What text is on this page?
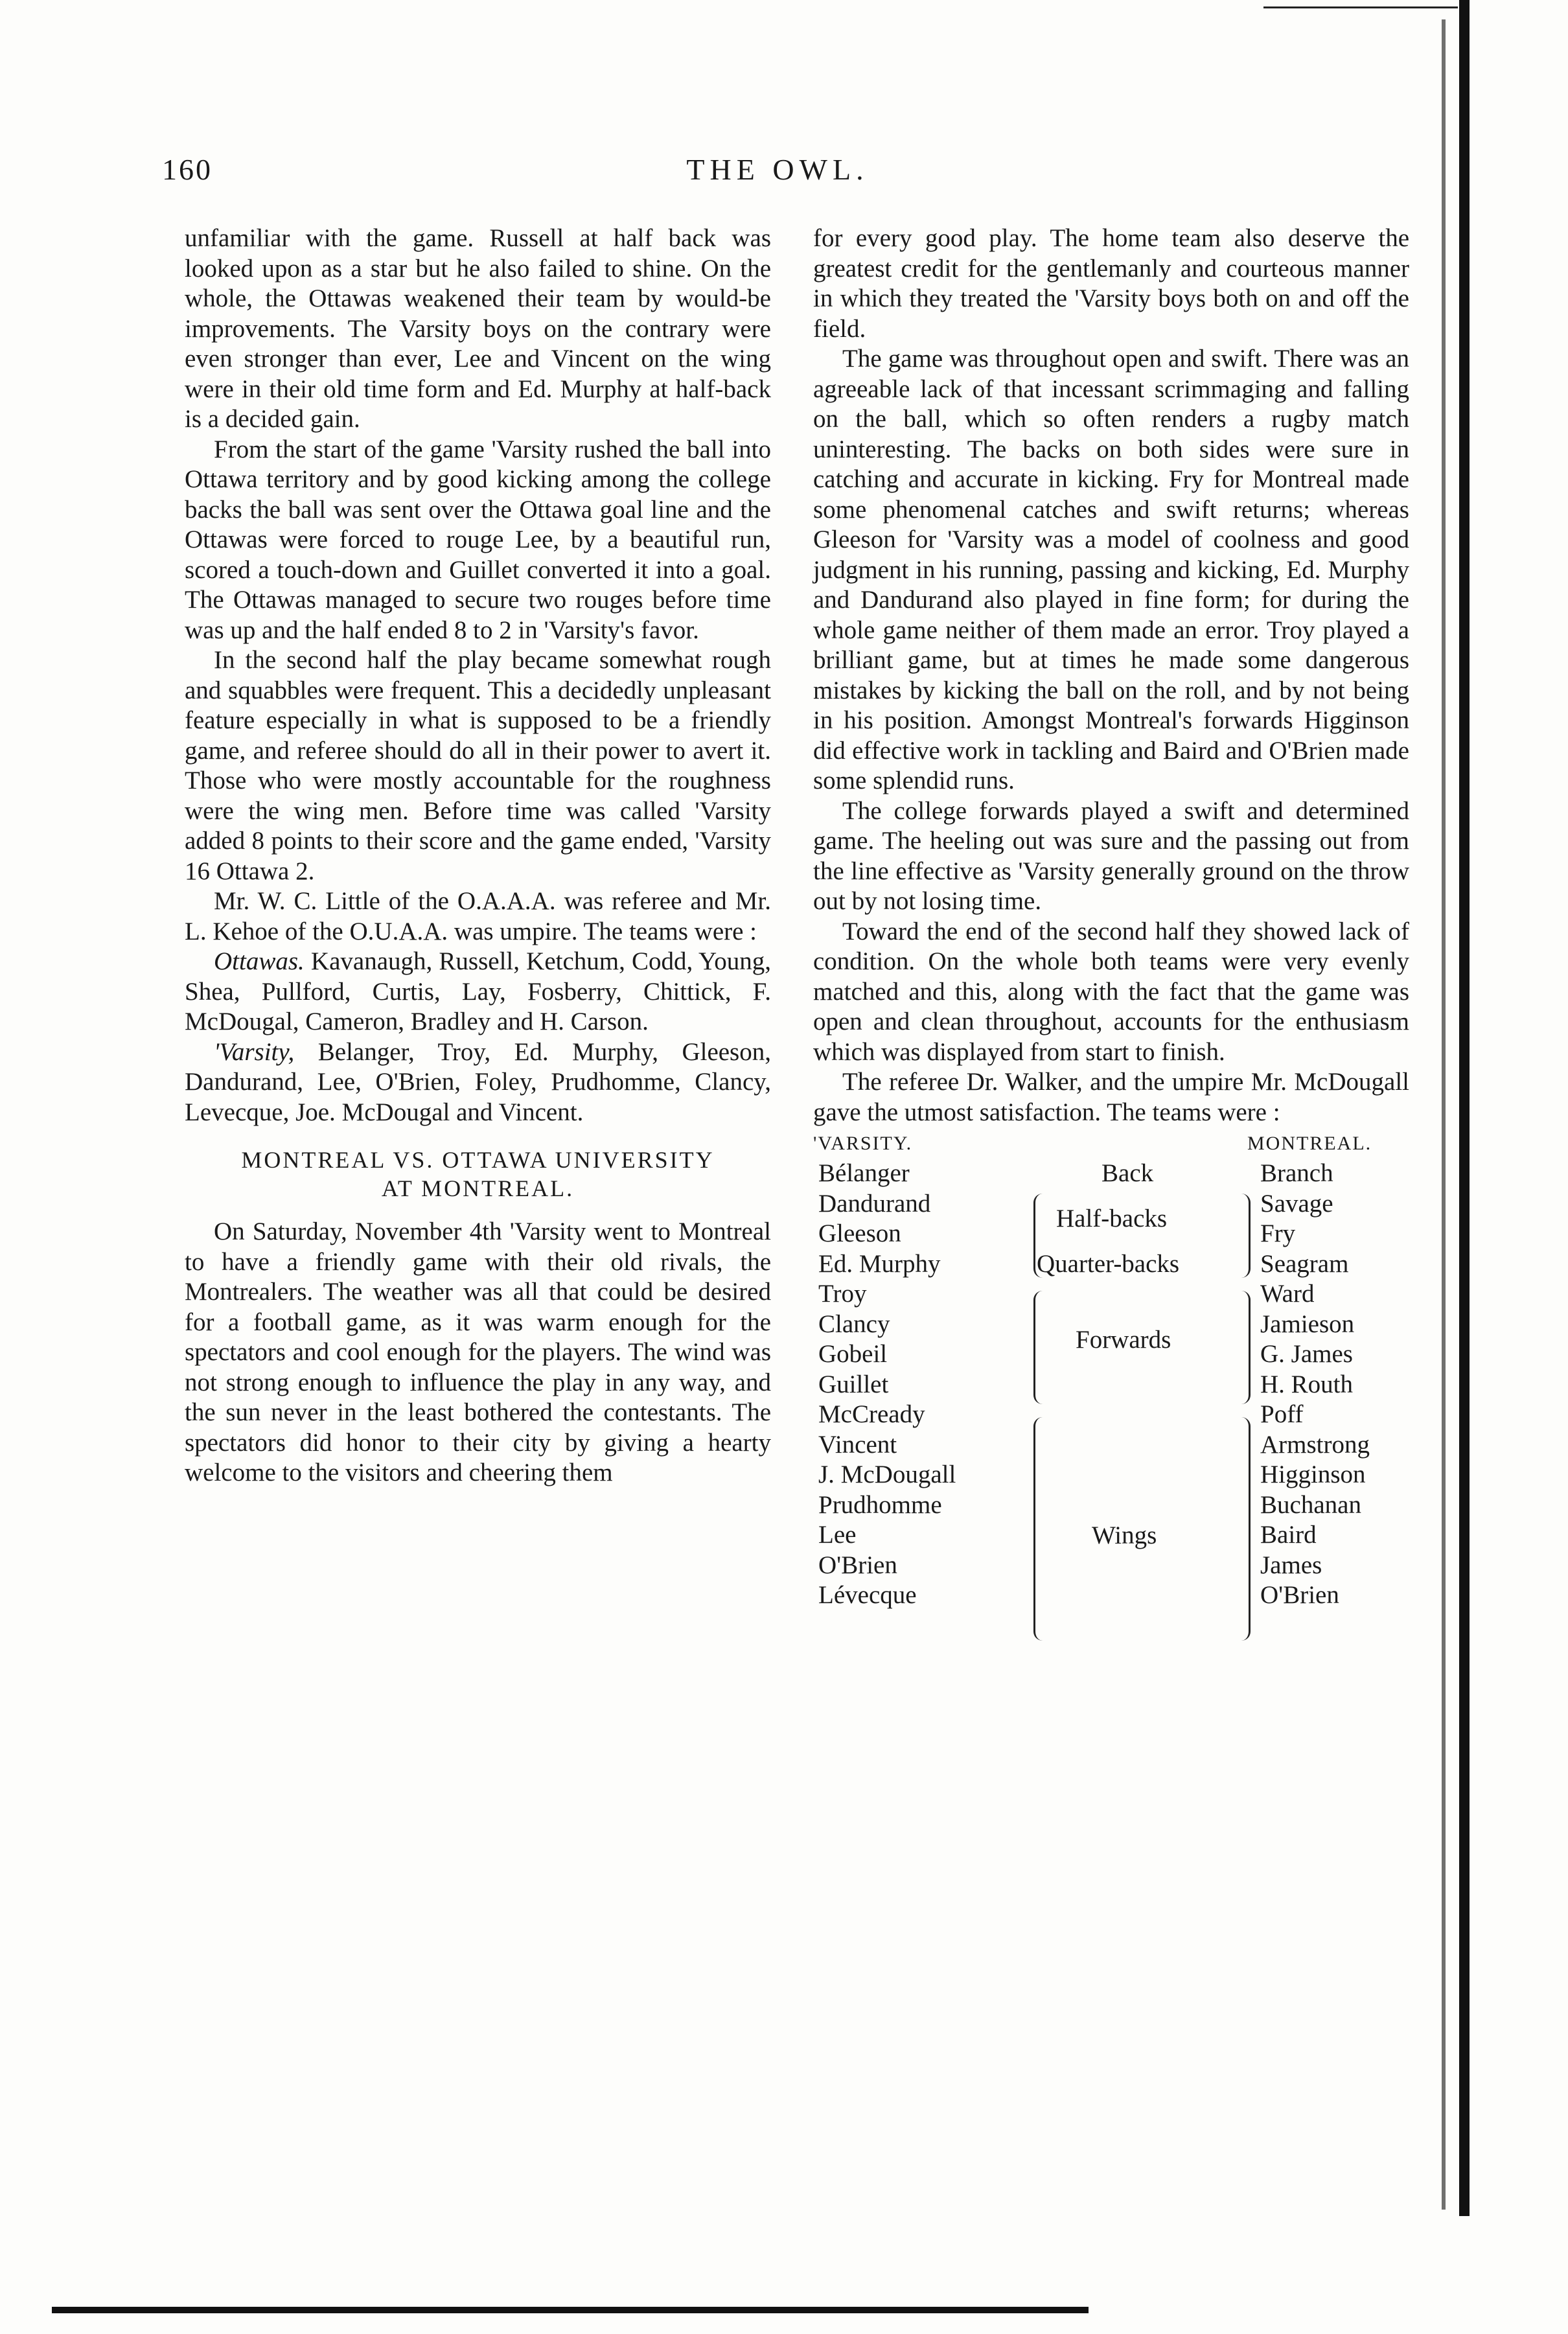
160	THE OWL.

unfamiliar with the game. Russell at half back was looked upon as a star but he also failed to shine. On the whole, the Ottawas weakened their team by would-be improvements. The Varsity boys on the contrary were even stronger than ever, Lee and Vincent on the wing were in their old time form and Ed. Murphy at half-back is a decided gain.

From the start of the game 'Varsity rushed the ball into Ottawa territory and by good kicking among the college backs the ball was sent over the Ottawa goal line and the Ottawas were forced to rouge Lee, by a beautiful run, scored a touch-down and Guillet converted it into a goal. The Ottawas managed to secure two rouges before time was up and the half ended 8 to 2 in 'Varsity's favor.

In the second half the play became somewhat rough and squabbles were frequent. This a decidedly unpleasant feature especially in what is supposed to be a friendly game, and referee should do all in their power to avert it. Those who were mostly accountable for the roughness were the wing men. Before time was called 'Varsity added 8 points to their score and the game ended, 'Varsity 16 Ottawa 2.

Mr. W. C. Little of the O.A.A.A. was referee and Mr. L. Kehoe of the O.U.A.A. was umpire. The teams were :

Ottawas. Kavanaugh, Russell, Ketchum, Codd, Young, Shea, Pullford, Curtis, Lay, Fosberry, Chittick, F. McDougal, Cameron, Bradley and H. Carson.

'Varsity, Belanger, Troy, Ed. Murphy, Gleeson, Dandurand, Lee, O'Brien, Foley, Prudhomme, Clancy, Levecque, Joe. McDougal and Vincent.

MONTREAL VS. OTTAWA UNIVERSITY
AT MONTREAL.

On Saturday, November 4th 'Varsity went to Montreal to have a friendly game with their old rivals, the Montrealers. The weather was all that could be desired for a football game, as it was warm enough for the spectators and cool enough for the players. The wind was not strong enough to influence the play in any way, and the sun never in the least bothered the contestants. The spectators did honor to their city by giving a hearty welcome to the visitors and cheering them

for every good play. The home team also deserve the greatest credit for the gentlemanly and courteous manner in which they treated the 'Varsity boys both on and off the field.

The game was throughout open and swift. There was an agreeable lack of that incessant scrimmaging and falling on the ball, which so often renders a rugby match uninteresting. The backs on both sides were sure in catching and accurate in kicking. Fry for Montreal made some phenomenal catches and swift returns; whereas Gleeson for 'Varsity was a model of coolness and good judgment in his running, passing and kicking, Ed. Murphy and Dandurand also played in fine form; for during the whole game neither of them made an error. Troy played a brilliant game, but at times he made some dangerous mistakes by kicking the ball on the roll, and by not being in his position. Amongst Montreal's forwards Higginson did effective work in tackling and Baird and O'Brien made some splendid runs.

The college forwards played a swift and determined game. The heeling out was sure and the passing out from the line effective as 'Varsity generally ground on the throw out by not losing time.

Toward the end of the second half they showed lack of condition. On the whole both teams were very evenly matched and this, along with the fact that the game was open and clean throughout, accounts for the enthusiasm which was displayed from start to finish.

The referee Dr. Walker, and the umpire Mr. McDougall gave the utmost satisfaction. The teams were :

'VARSITY.	MONTREAL.
Bélanger
Dandurand
Gleeson
Ed. Murphy
Troy
Clancy
Gobeil
Guillet
McCready
Vincent
J. McDougall
Prudhomme
Lee
O'Brien
Lévecque
Branch
Savage
Fry
Seagram
Ward
Jamieson
G. James
H. Routh
Poff
Armstrong
Higginson
Buchanan
Baird
James
O'Brien
Back
Half-backs
Quarter-backs
Forwards
Wings
